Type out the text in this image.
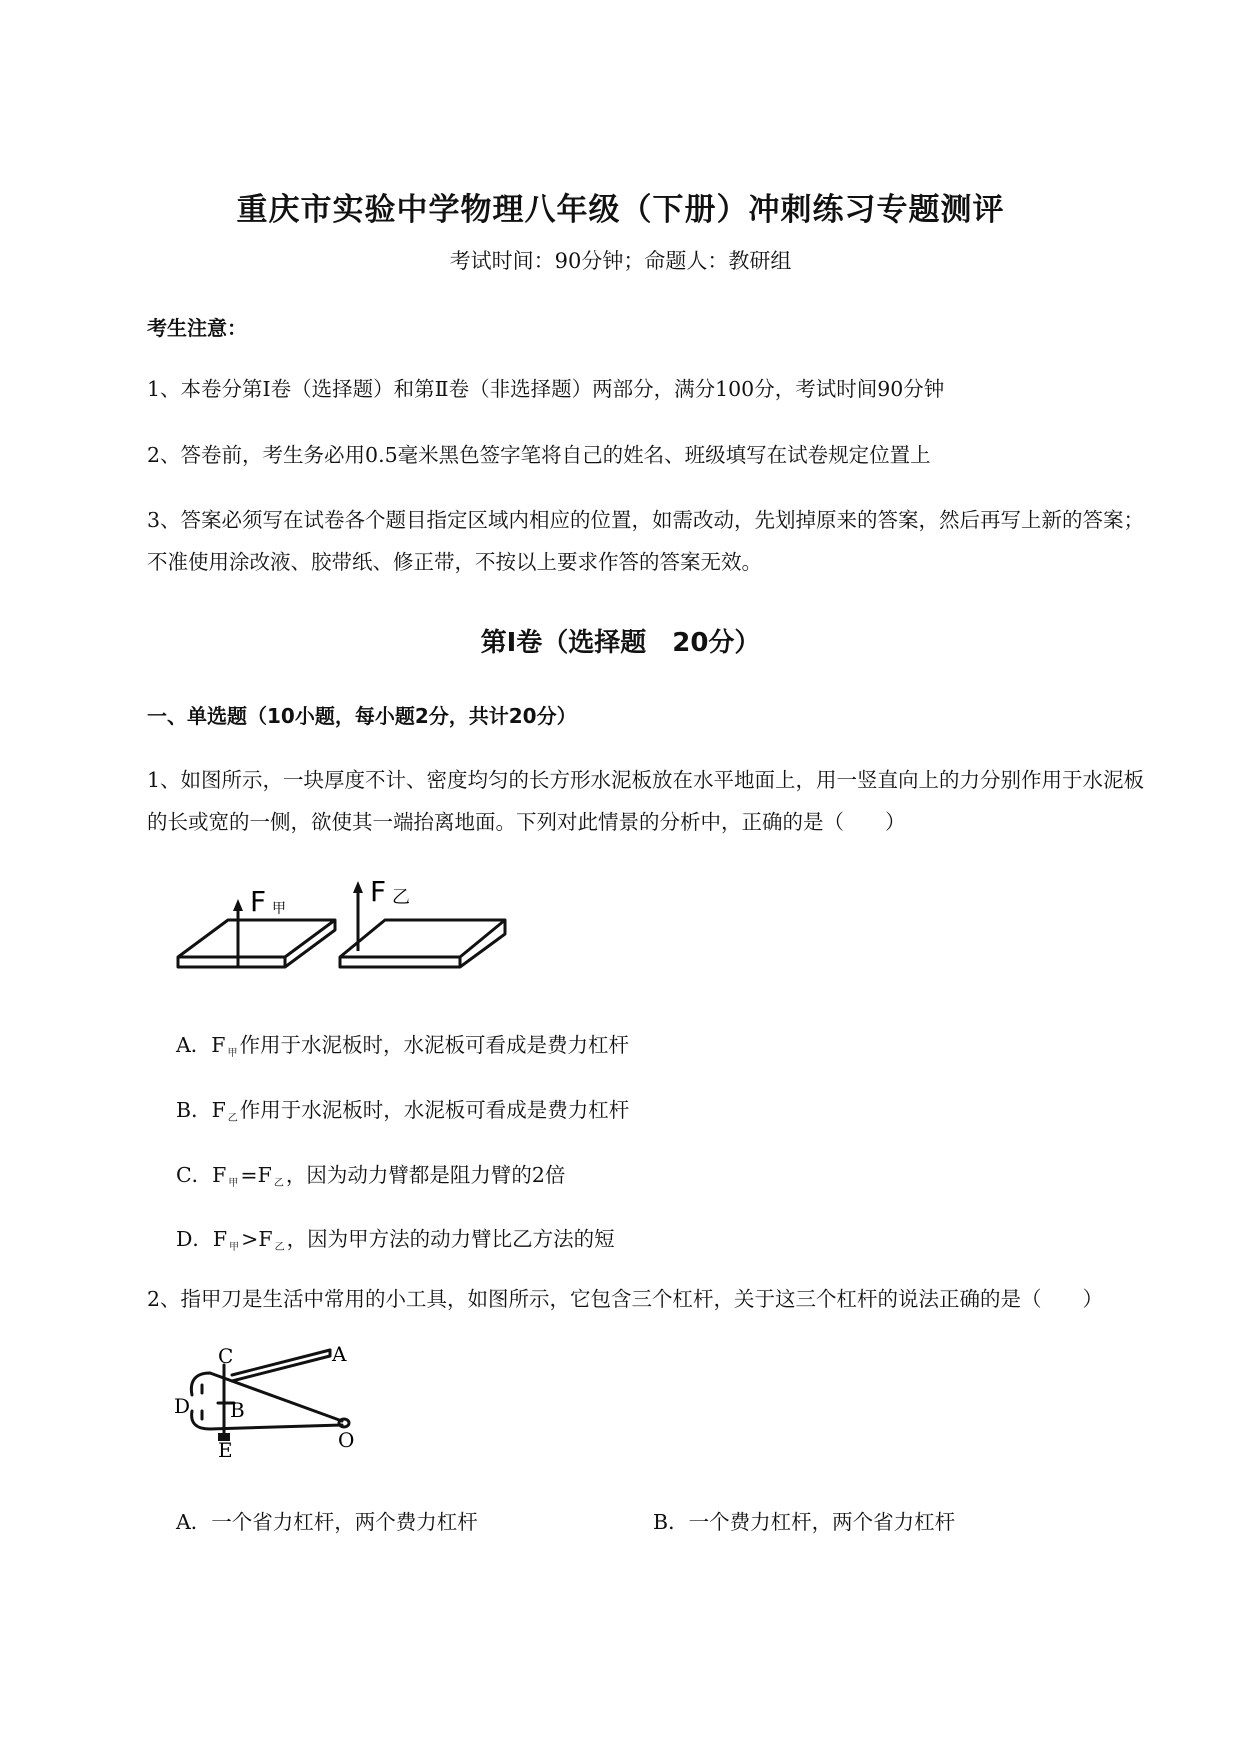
重庆市实验中学物理八年级（下册）冲刺练习专题测评
考试时间：90分钟；命题人：教研组
考生注意：
1、本卷分第Ⅰ卷（选择题）和第Ⅱ卷（非选择题）两部分，满分100分，考试时间90分钟
2、答卷前，考生务必用0.5毫米黑色签字笔将自己的姓名、班级填写在试卷规定位置上
3、答案必须写在试卷各个题目指定区域内相应的位置，如需改动，先划掉原来的答案，然后再写上新的答案；不准使用涂改液、胶带纸、修正带，不按以上要求作答的答案无效。
第Ⅰ卷（选择题　20分）
一、单选题（10小题，每小题2分，共计20分）
1、如图所示，一块厚度不计、密度均匀的长方形水泥板放在水平地面上，用一竖直向上的力分别作用于水泥板的长或宽的一侧，欲使其一端抬离地面。下列对此情景的分析中，正确的是（　　）
F 甲
F 乙
A．F $_甲$作用于水泥板时，水泥板可看成是费力杠杆
B．F $_乙$作用于水泥板时，水泥板可看成是费力杠杆
C．F $_甲$=F $_乙$，因为动力臂都是阻力臂的2倍
D．F $_甲$>F $_乙$，因为甲方法的动力臂比乙方法的短
2、指甲刀是生活中常用的小工具，如图所示，它包含三个杠杆，关于这三个杠杆的说法正确的是（　　）
C	A
D B
E	O
A．一个省力杠杆，两个费力杠杆	B．一个费力杠杆，两个省力杠杆
